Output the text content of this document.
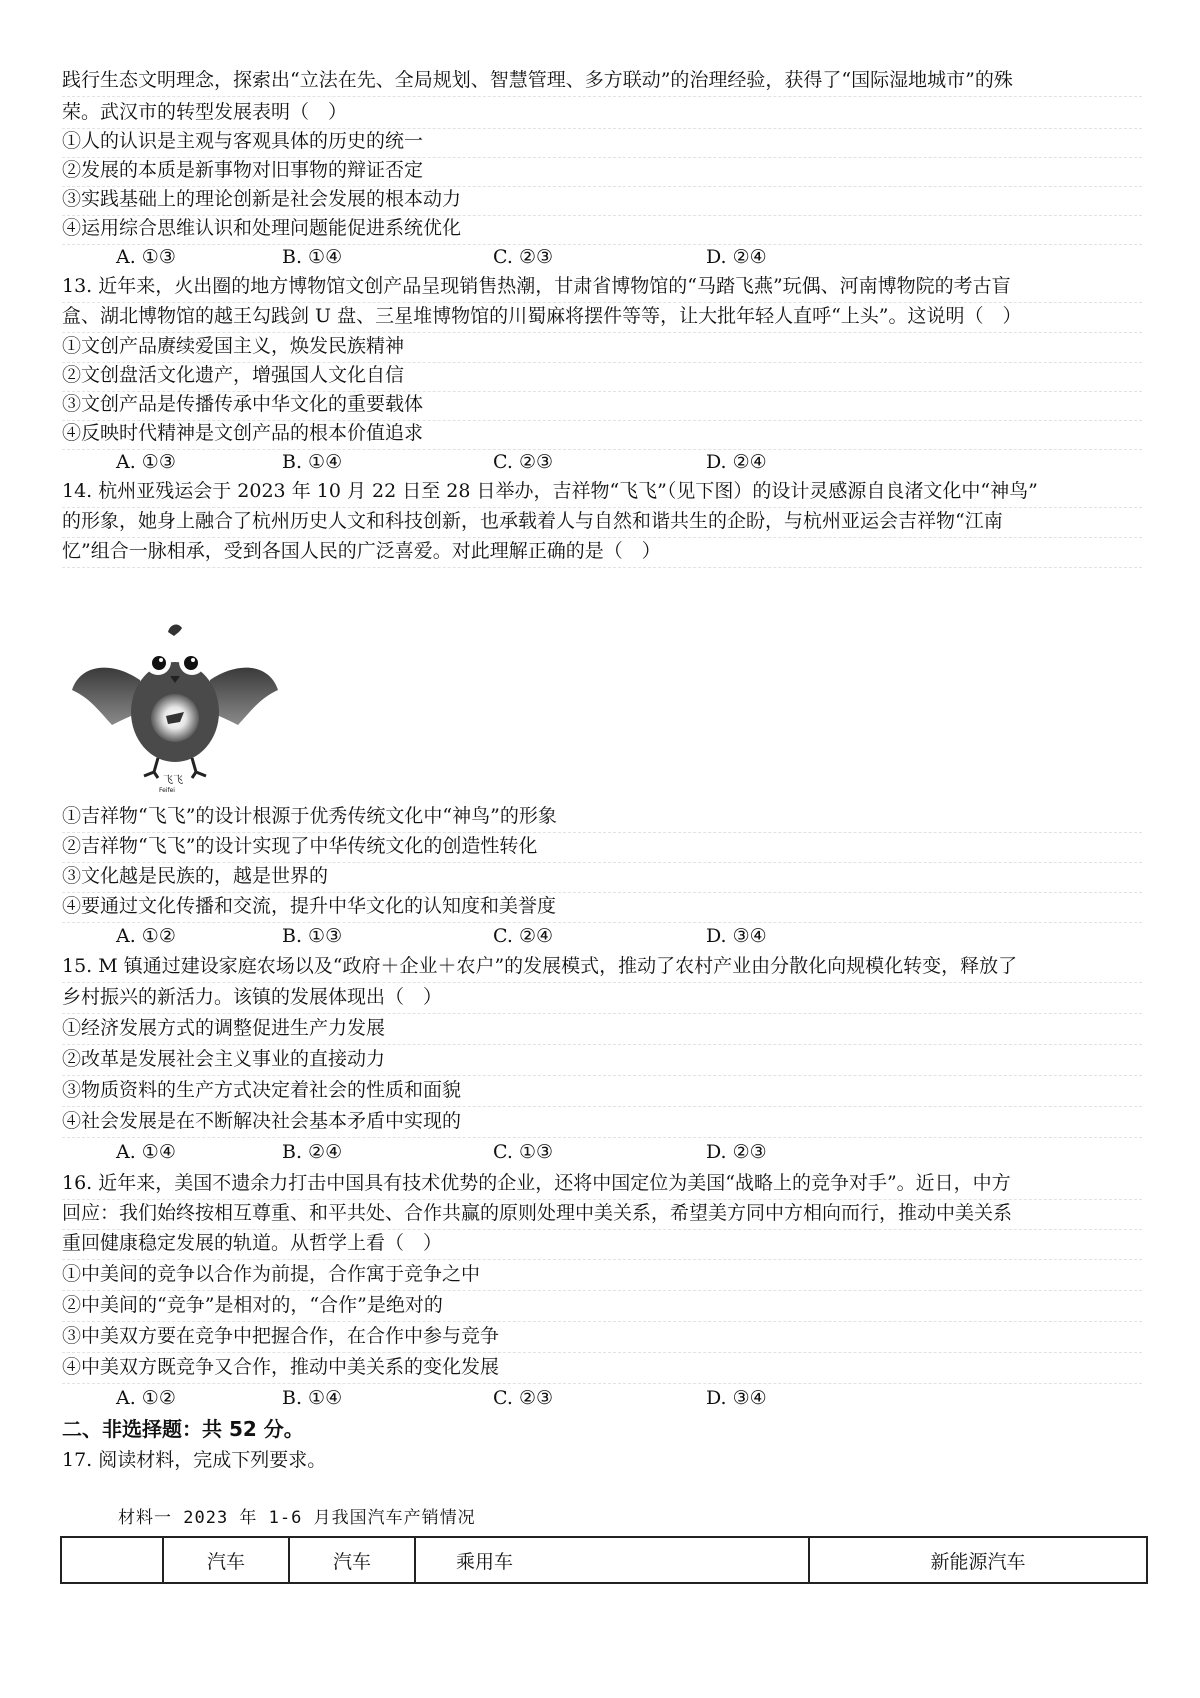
践行生态文明理念，探索出“立法在先、全局规划、智慧管理、多方联动”的治理经验，获得了“国际湿地城市”的殊
荣。武汉市的转型发展表明（　）
①人的认识是主观与客观具体的历史的统一
②发展的本质是新事物对旧事物的辩证否定
③实践基础上的理论创新是社会发展的根本动力
④运用综合思维认识和处理问题能促进系统优化
A. ①③	B. ①④	C. ②③	D. ②④
13. 近年来，火出圈的地方博物馆文创产品呈现销售热潮，甘肃省博物馆的“马踏飞燕”玩偶、河南博物院的考古盲
盒、湖北博物馆的越王勾践剑 U 盘、三星堆博物馆的川蜀麻将摆件等等，让大批年轻人直呼“上头”。这说明（　）
①文创产品赓续爱国主义，焕发民族精神
②文创盘活文化遗产，增强国人文化自信
③文创产品是传播传承中华文化的重要载体
④反映时代精神是文创产品的根本价值追求
A. ①③	B. ①④	C. ②③	D. ②④
14. 杭州亚残运会于 2023 年 10 月 22 日至 28 日举办，吉祥物“飞飞”（见下图）的设计灵感源自良渚文化中“神鸟”
的形象，她身上融合了杭州历史人文和科技创新，也承载着人与自然和谐共生的企盼，与杭州亚运会吉祥物“江南
忆”组合一脉相承，受到各国人民的广泛喜爱。对此理解正确的是（　）
飞飞
Feifei
①吉祥物“飞飞”的设计根源于优秀传统文化中“神鸟”的形象
②吉祥物“飞飞”的设计实现了中华传统文化的创造性转化
③文化越是民族的，越是世界的
④要通过文化传播和交流，提升中华文化的认知度和美誉度
A. ①②	B. ①③	C. ②④	D. ③④
15. M 镇通过建设家庭农场以及“政府＋企业＋农户”的发展模式，推动了农村产业由分散化向规模化转变，释放了
乡村振兴的新活力。该镇的发展体现出（　）
①经济发展方式的调整促进生产力发展
②改革是发展社会主义事业的直接动力
③物质资料的生产方式决定着社会的性质和面貌
④社会发展是在不断解决社会基本矛盾中实现的
A. ①④	B. ②④	C. ①③	D. ②③
16. 近年来，美国不遗余力打击中国具有技术优势的企业，还将中国定位为美国“战略上的竞争对手”。近日，中方
回应：我们始终按相互尊重、和平共处、合作共赢的原则处理中美关系，希望美方同中方相向而行，推动中美关系
重回健康稳定发展的轨道。从哲学上看（　）
①中美间的竞争以合作为前提，合作寓于竞争之中
②中美间的“竞争”是相对的，“合作”是绝对的
③中美双方要在竞争中把握合作，在合作中参与竞争
④中美双方既竞争又合作，推动中美关系的变化发展
A. ①②	B. ①④	C. ②③	D. ③④
二、非选择题：共 52 分。
17. 阅读材料，完成下列要求。
材料一 2023 年 1-6 月我国汽车产销情况
	汽车	汽车	乘用车	新能源汽车
